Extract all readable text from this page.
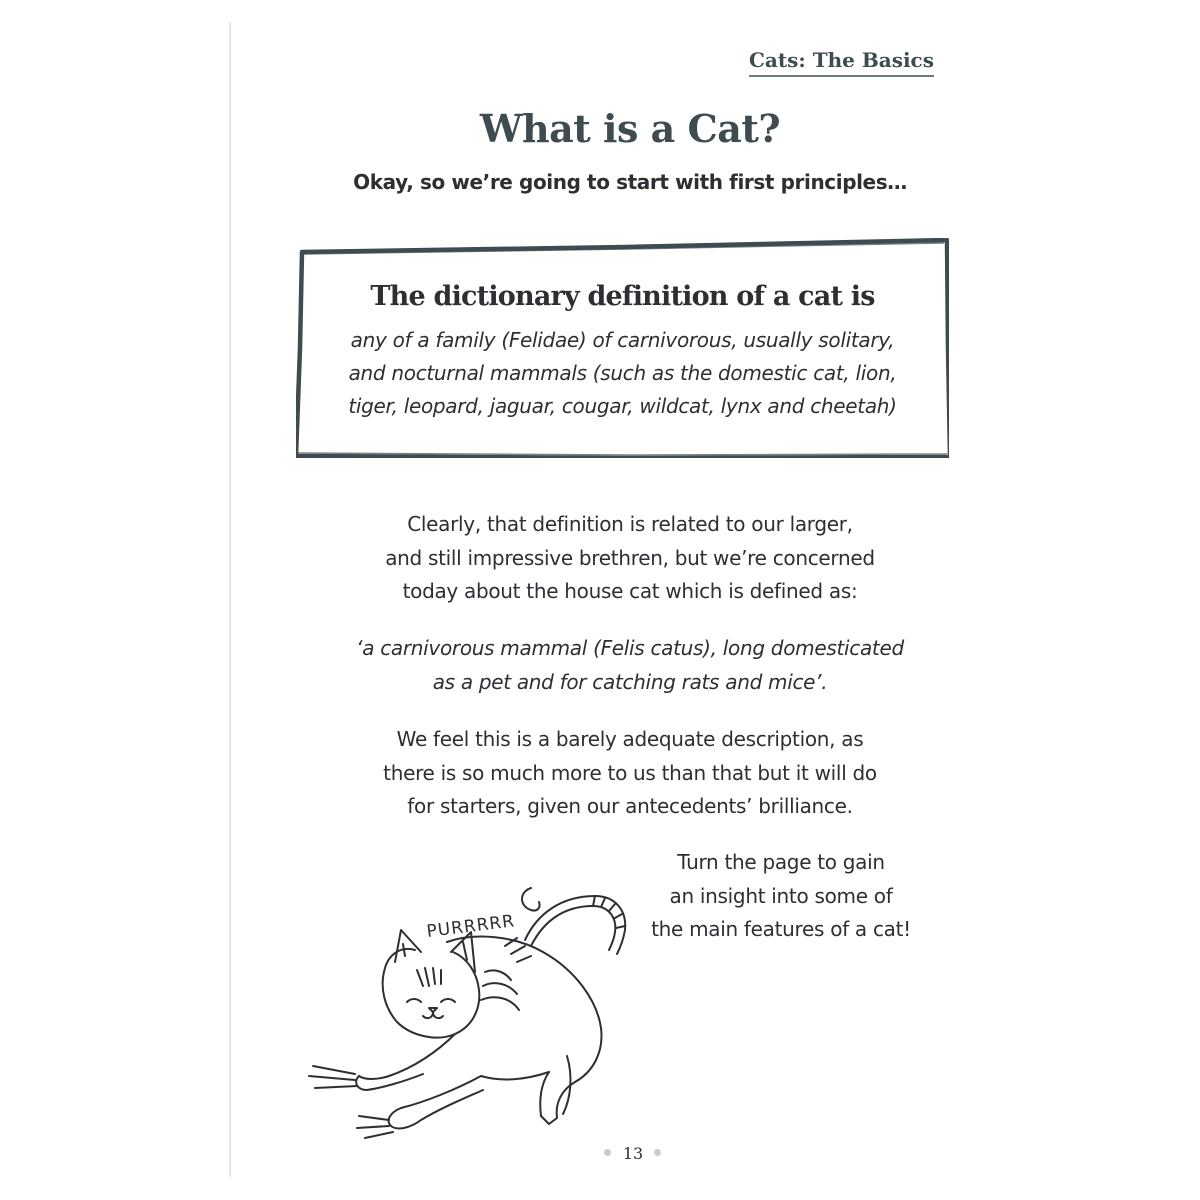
Cats: The Basics
What is a Cat?
Okay, so we’re going to start with first principles…
The dictionary definition of a cat is
any of a family (Felidae) of carnivorous, usually solitary,
and nocturnal mammals (such as the domestic cat, lion,
tiger, leopard, jaguar, cougar, wildcat, lynx and cheetah)
Clearly, that definition is related to our larger,
and still impressive brethren, but we’re concerned
today about the house cat which is defined as:
‘a carnivorous mammal (Felis catus), long domesticated
as a pet and for catching rats and mice’.
We feel this is a barely adequate description, as
there is so much more to us than that but it will do
for starters, given our antecedents’ brilliance.
Turn the page to gain
an insight into some of
the main features of a cat!
PURRRRR
13
